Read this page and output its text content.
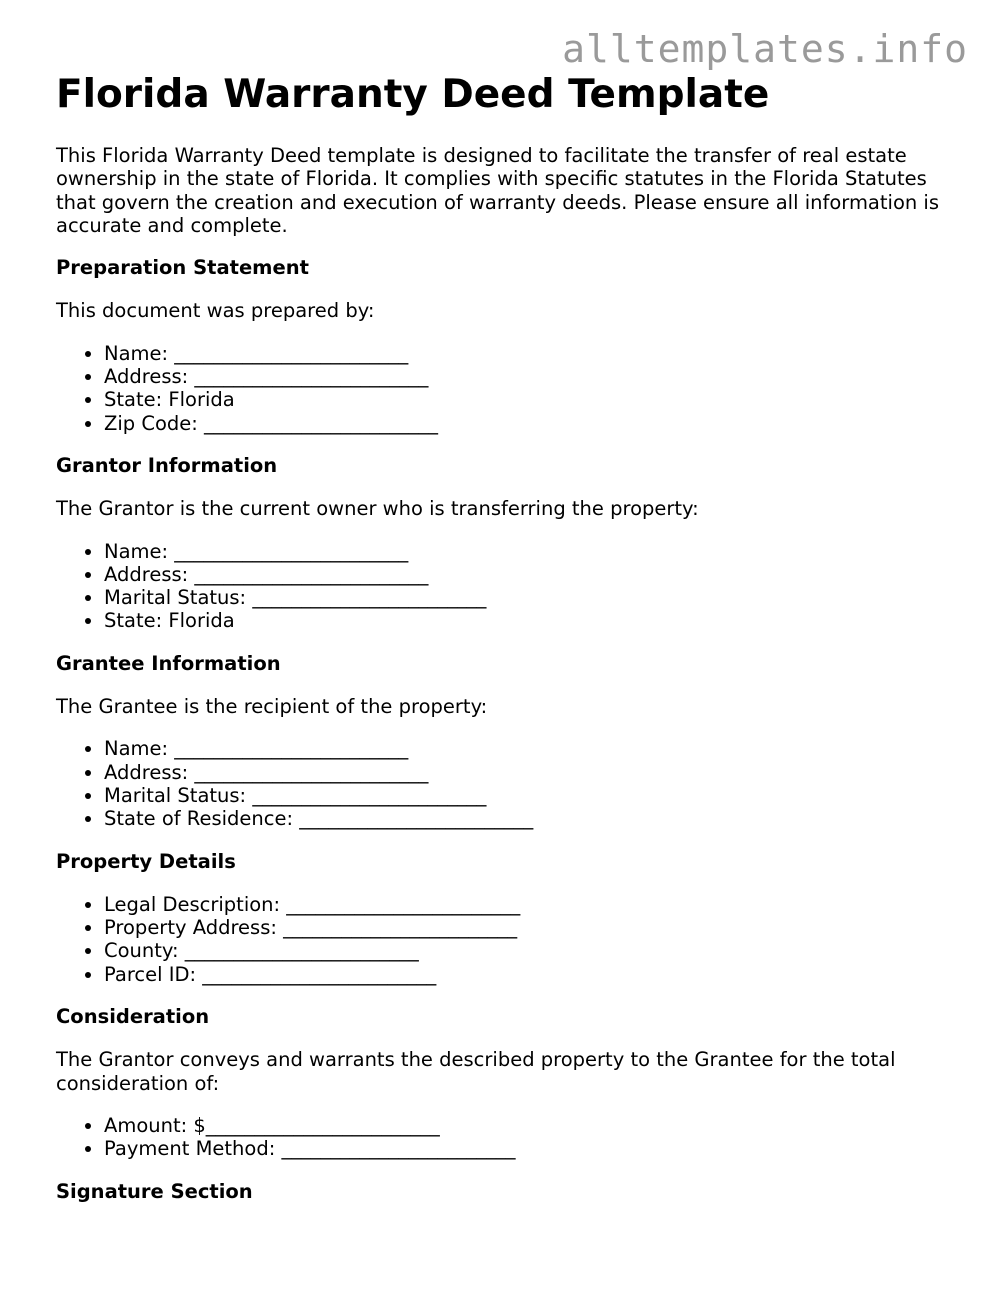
alltemplates.info
Florida Warranty Deed Template

This Florida Warranty Deed template is designed to facilitate the transfer of real estate ownership in the state of Florida. It complies with specific statutes in the Florida Statutes that govern the creation and execution of warranty deeds. Please ensure all information is accurate and complete.

Preparation Statement

This document was prepared by:

• Name: ________________________
• Address: ________________________
• State: Florida
• Zip Code: ________________________
Grantor Information

The Grantor is the current owner who is transferring the property:

• Name: ________________________
• Address: ________________________
• Marital Status: ________________________
• State: Florida
Grantee Information

The Grantee is the recipient of the property:

• Name: ________________________
• Address: ________________________
• Marital Status: ________________________
• State of Residence: ________________________
Property Details
• Legal Description: ________________________
• Property Address: ________________________
• County: ________________________
• Parcel ID: ________________________
Consideration

The Grantor conveys and warrants the described property to the Grantee for the total consideration of:

• Amount: $________________________
• Payment Method: ________________________
Signature Section
